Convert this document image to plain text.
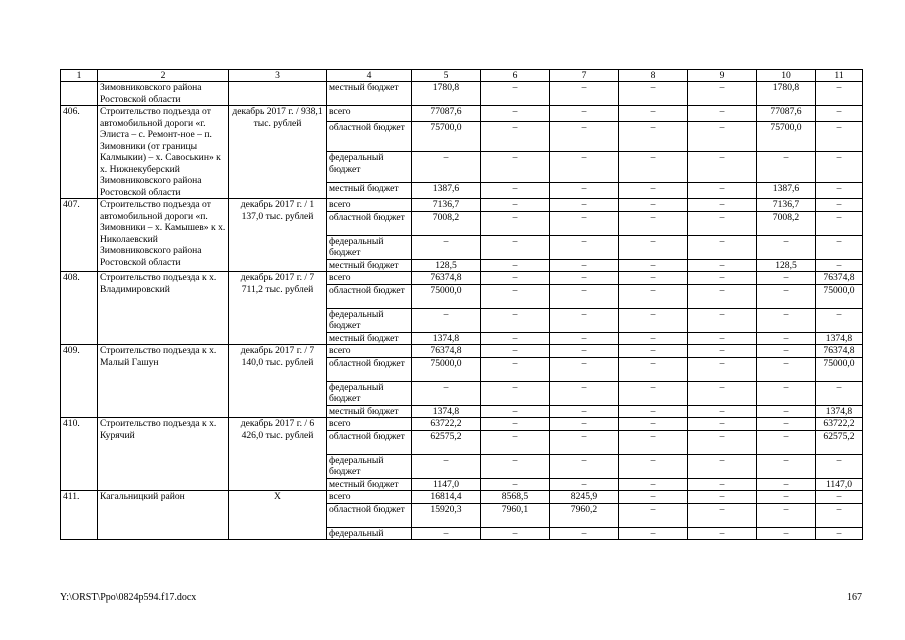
1	2	3	4	5	6	7	8	9	10	11
	Зимовниковского района Ростовской области		местный бюджет	1780,8	–	–	–	–	1780,8	–
406.	Строительство подъезда от автомобильной дороги «г. Элиста – с. Ремонт-ное – п. Зимовники (от границы Калмыкии) – х. Савоськин» к х. Нижнекуберский Зимовниковского района Ростовской области	декабрь 2017 г. / 938,1 тыс. рублей	всего	77087,6	–	–	–	–	77087,6	–
			областной бюджет	75700,0	–	–	–	–	75700,0	–
			федеральный бюджет	–	–	–	–	–	–	–
			местный бюджет	1387,6	–	–	–	–	1387,6	–
407.	Строительство подъезда от автомобильной дороги «п. Зимовники – х. Камышев» к х. Николаевский Зимовниковского района Ростовской области	декабрь 2017 г. / 1 137,0 тыс. рублей	всего	7136,7	–	–	–	–	7136,7	–
			областной бюджет	7008,2	–	–	–	–	7008,2	–
			федеральный бюджет	–	–	–	–	–	–	–
			местный бюджет	128,5	–	–	–	–	128,5	–
408.	Строительство подъезда к х. Владимировский	декабрь 2017 г. / 7 711,2 тыс. рублей	всего	76374,8	–	–	–	–	–	76374,8
			областной бюджет	75000,0	–	–	–	–	–	75000,0
			федеральный бюджет	–	–	–	–	–	–	–
			местный бюджет	1374,8	–	–	–	–	–	1374,8
409.	Строительство подъезда к х. Малый Гашун	декабрь 2017 г. / 7 140,0 тыс. рублей	всего	76374,8	–	–	–	–	–	76374,8
			областной бюджет	75000,0	–	–	–	–	–	75000,0
			федеральный бюджет	–	–	–	–	–	–	–
			местный бюджет	1374,8	–	–	–	–	–	1374,8
410.	Строительство подъезда к х. Курячий	декабрь 2017 г. / 6 426,0 тыс. рублей	всего	63722,2	–	–	–	–	–	63722,2
			областной бюджет	62575,2	–	–	–	–	–	62575,2
			федеральный бюджет	–	–	–	–	–	–	–
			местный бюджет	1147,0	–	–	–	–	–	1147,0
411.	Кагальницкий район	Х	всего	16814,4	8568,5	8245,9	–	–	–	–
			областной бюджет	15920,3	7960,1	7960,2	–	–	–	–
			федеральный	–	–	–	–	–	–	–
Y:\ORST\Ppo\0824p594.f17.docx	167
